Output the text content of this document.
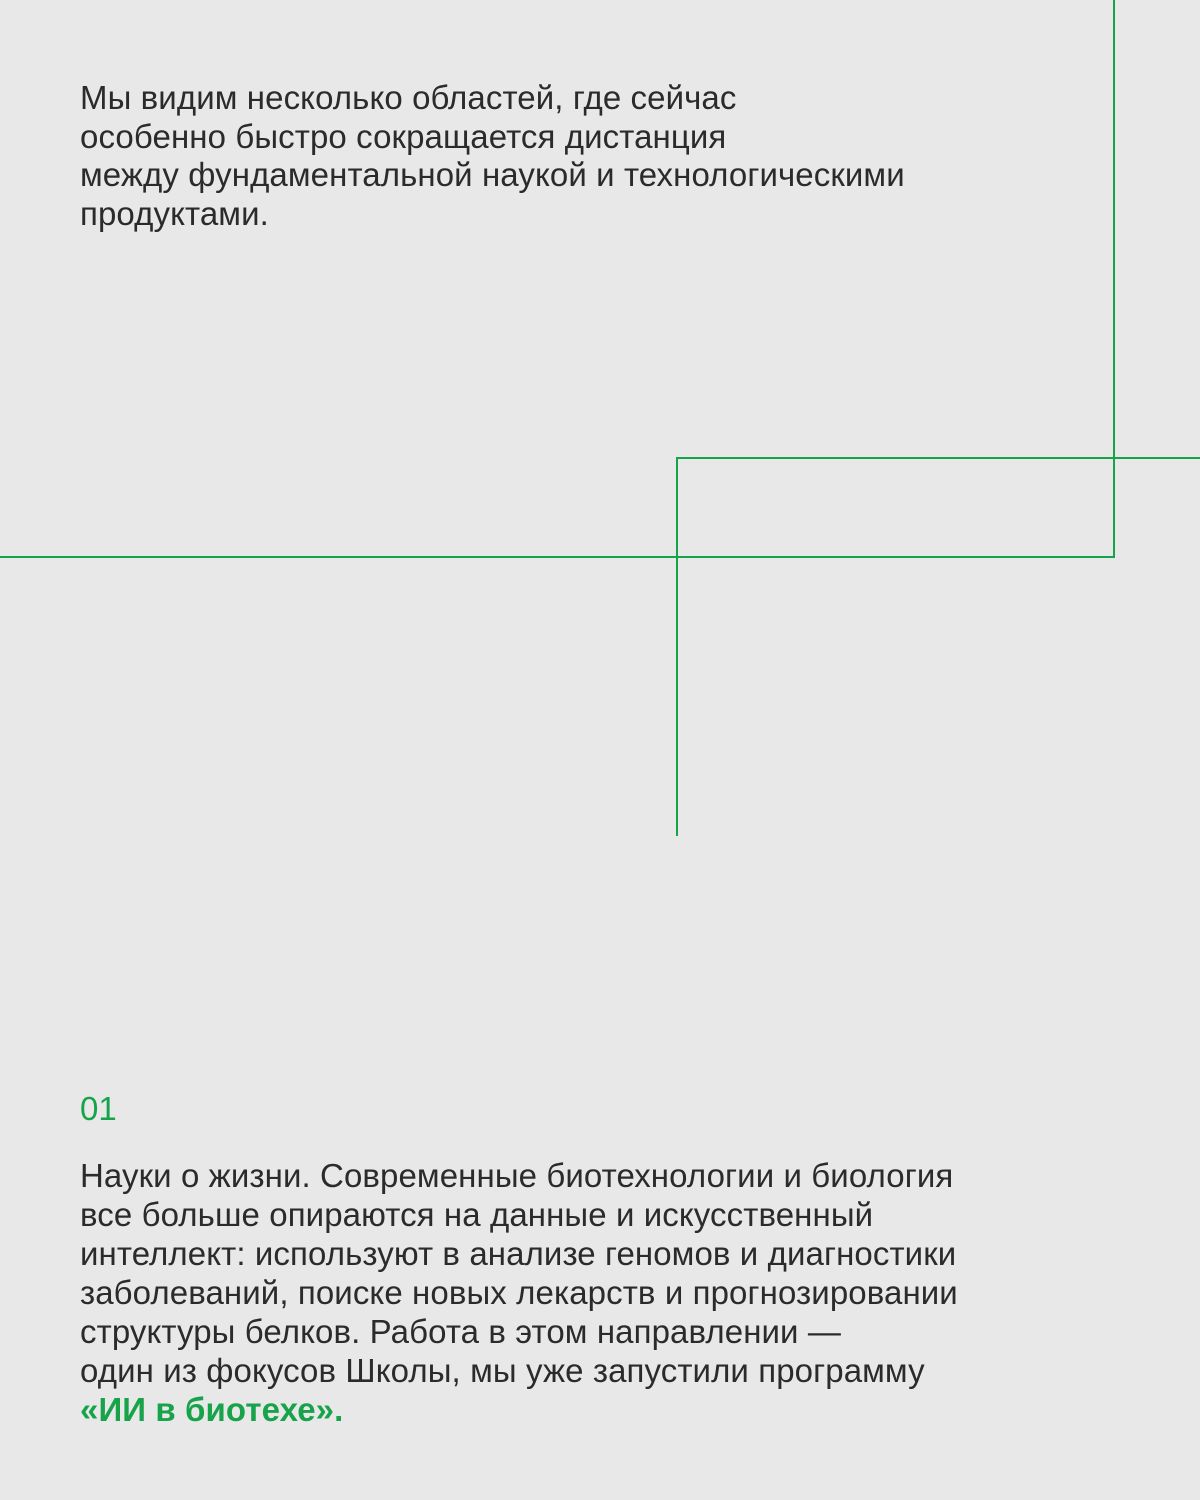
Мы видим несколько областей, где сейчас
особенно быстро сокращается дистанция
между фундаментальной наукой и технологическими
продуктами.

01

Науки о жизни. Современные биотехнологии и биология
все больше опираются на данные и искусственный
интеллект: используют в анализе геномов и диагностики
заболеваний, поиске новых лекарств и прогнозировании
структуры белков. Работа в этом направлении —
один из фокусов Школы, мы уже запустили программу
«ИИ в биотехе».
